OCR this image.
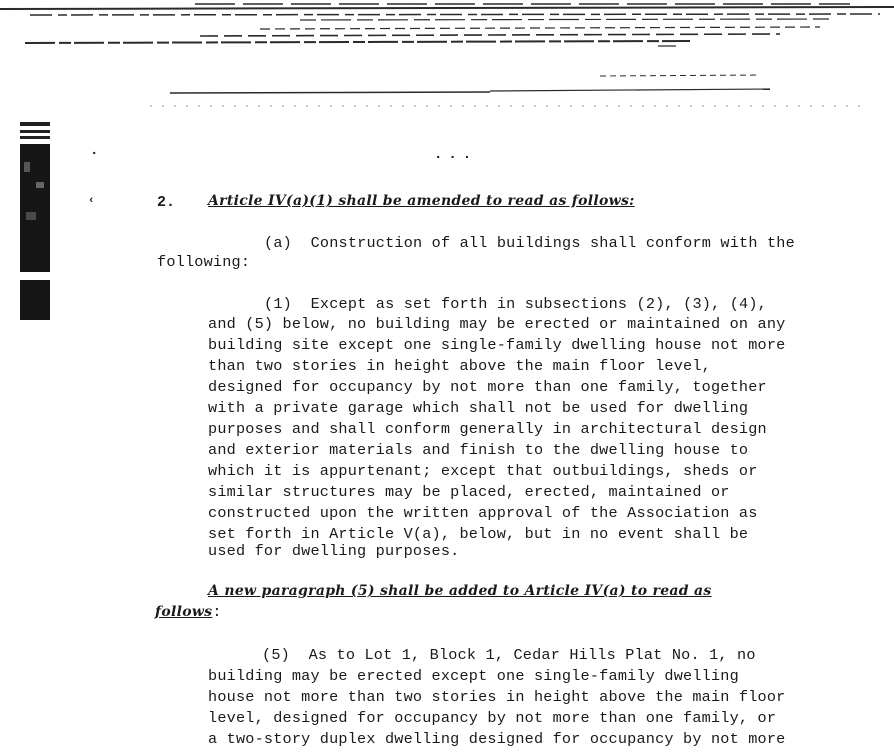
···
·
‹	2. Article IV(a)(1) shall be amended to read as follows:
(a)  Construction of all buildings shall conform with the
following:
(1)  Except as set forth in subsections (2), (3), (4),
and (5) below, no building may be erected or maintained on any
building site except one single-family dwelling house not more
than two stories in height above the main floor level,
designed for occupancy by not more than one family, together
with a private garage which shall not be used for dwelling
purposes and shall conform generally in architectural design
and exterior materials and finish to the dwelling house to
which it is appurtenant; except that outbuildings, sheds or
similar structures may be placed, erected, maintained or
constructed upon the written approval of the Association as
set forth in Article V(a), below, but in no event shall be
used for dwelling purposes.
A new paragraph (5) shall be added to Article IV(a) to read as
follows:
(5)  As to Lot 1, Block 1, Cedar Hills Plat No. 1, no
building may be erected except one single-family dwelling
house not more than two stories in height above the main floor
level, designed for occupancy by not more than one family, or
a two-story duplex dwelling designed for occupancy by not more
